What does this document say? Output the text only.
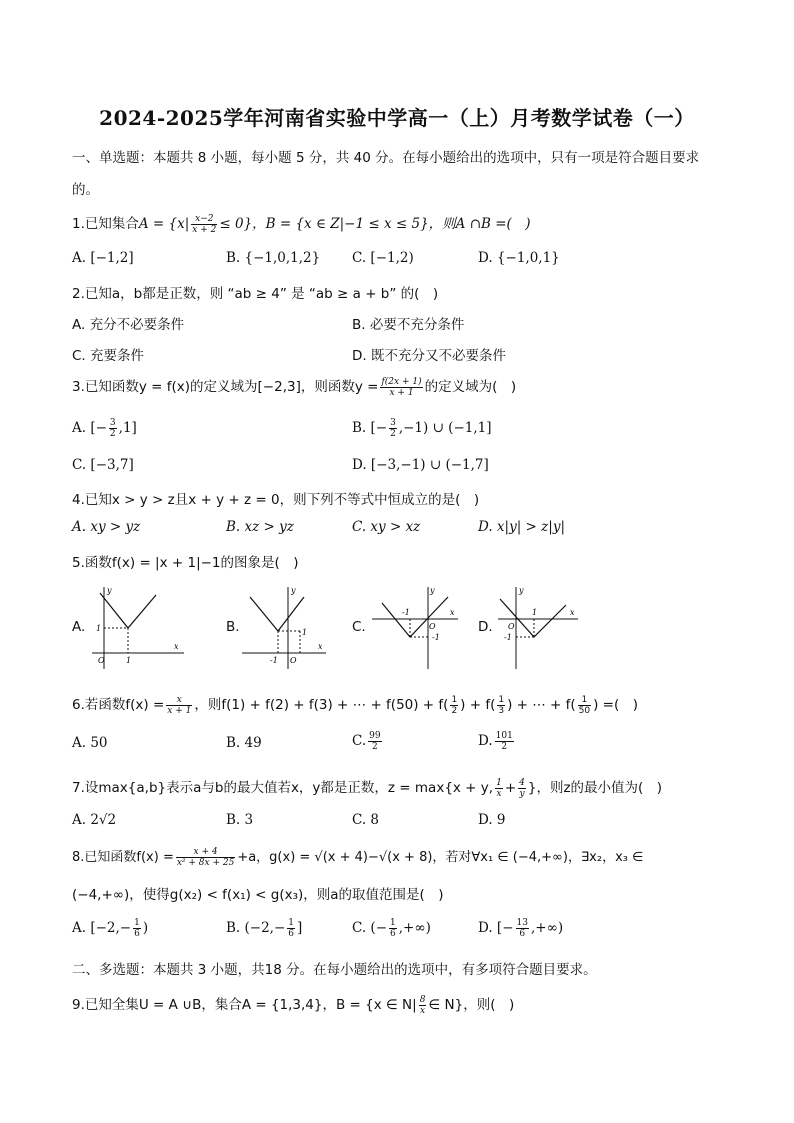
2024-2025学年河南省实验中学高一（上）月考数学试卷（一）
一、单选题：本题共 8 小题，每小题 5 分，共 40 分。在每小题给出的选项中，只有一项是符合题目要求
的。
1.已知集合$A = \{x| \frac{x-2}{x + 2} \le 0\}$，B = {x ∈ Z|−1 ≤ x ≤ 5}，则A ∩B =(　)
A. [−1,2]	B. {−1,0,1,2} C. [−1,2)	D. {−1,0,1}
2.已知a，b都是正数，则 “ab ≥ 4” 是 “ab ≥ a + b” 的(　)
A. 充分不必要条件	B. 必要不充分条件
C. 充要条件	D. 既不充分又不必要条件
3.已知函数y = f(x)的定义域为[−2,3]，则函数$y = \frac{f(2x + 1)}{x + 1}$ 的定义域为(　)
A. [− $\frac{3}{2} ,1$]	B. [− $\frac{3}{2} ,-1$) ∪ (−1,1]
C. [−3,7]	D. [−3,−1) ∪ (−1,7]
4.已知x > y > z且x + y + z = 0，则下列不等式中恒成立的是(　)
A. xy > yz	B. xz > yz	C. xy > xz	D. x|y| > z|y|
5.函数f(x) = |x + 1|−1的图象是(　)
A.
y
x
O
1
1
B.
y
x
O
-1
1	C.
y
x
O
-1
-1
D.
y
x
O
1
-1
6.若函数$f(x) = \frac{x}{x + 1}$ ，则f(1) + f(2) + f(3) + ⋯ + $f(50) + f( \frac{1}{2}$ ) + $f( \frac{1}{3}$ ) + ⋯ + $f( \frac{1}{50}$ ) =(　)
A. 50	B. 49	C. $\frac{99}{2}$	D. $\frac{101}{2}$
7.设max{a,b}表示a与b的最大值若x，y都是正数，z = max{x + y, $\frac{1}{x} + \frac{4}{y}$ }，则z的最小值为(　)
A. 2√2	B. 3	C. 8	D. 9
8.已知函数$f(x) = \frac{x + 4}{\text{x² + 8x + 25}} +a$，g(x) = √(x + 4)−√(x + 8)，若对∀x₁ ∈ (−4,+∞)，∃x₂，x₃ ∈
(−4,+∞)，使得g(x₂) < f(x₁) < g(x₃)，则a的取值范围是(　)
A. [$-2,- \frac{1}{6}$ )	B. ($-2,- \frac{1}{6}$ ]	C. (− $\frac{1}{6}$ ,+∞)	D. [− $\frac{13}{6}$ ,+∞)
二、多选题：本题共 3 小题，共18 分。在每小题给出的选项中，有多项符合题目要求。
9.已知全集U = A ∪B，集合A = {1,3,4}，B = {x ∈ $N| \frac{8}{x}$ ∈ N}，则(　)
